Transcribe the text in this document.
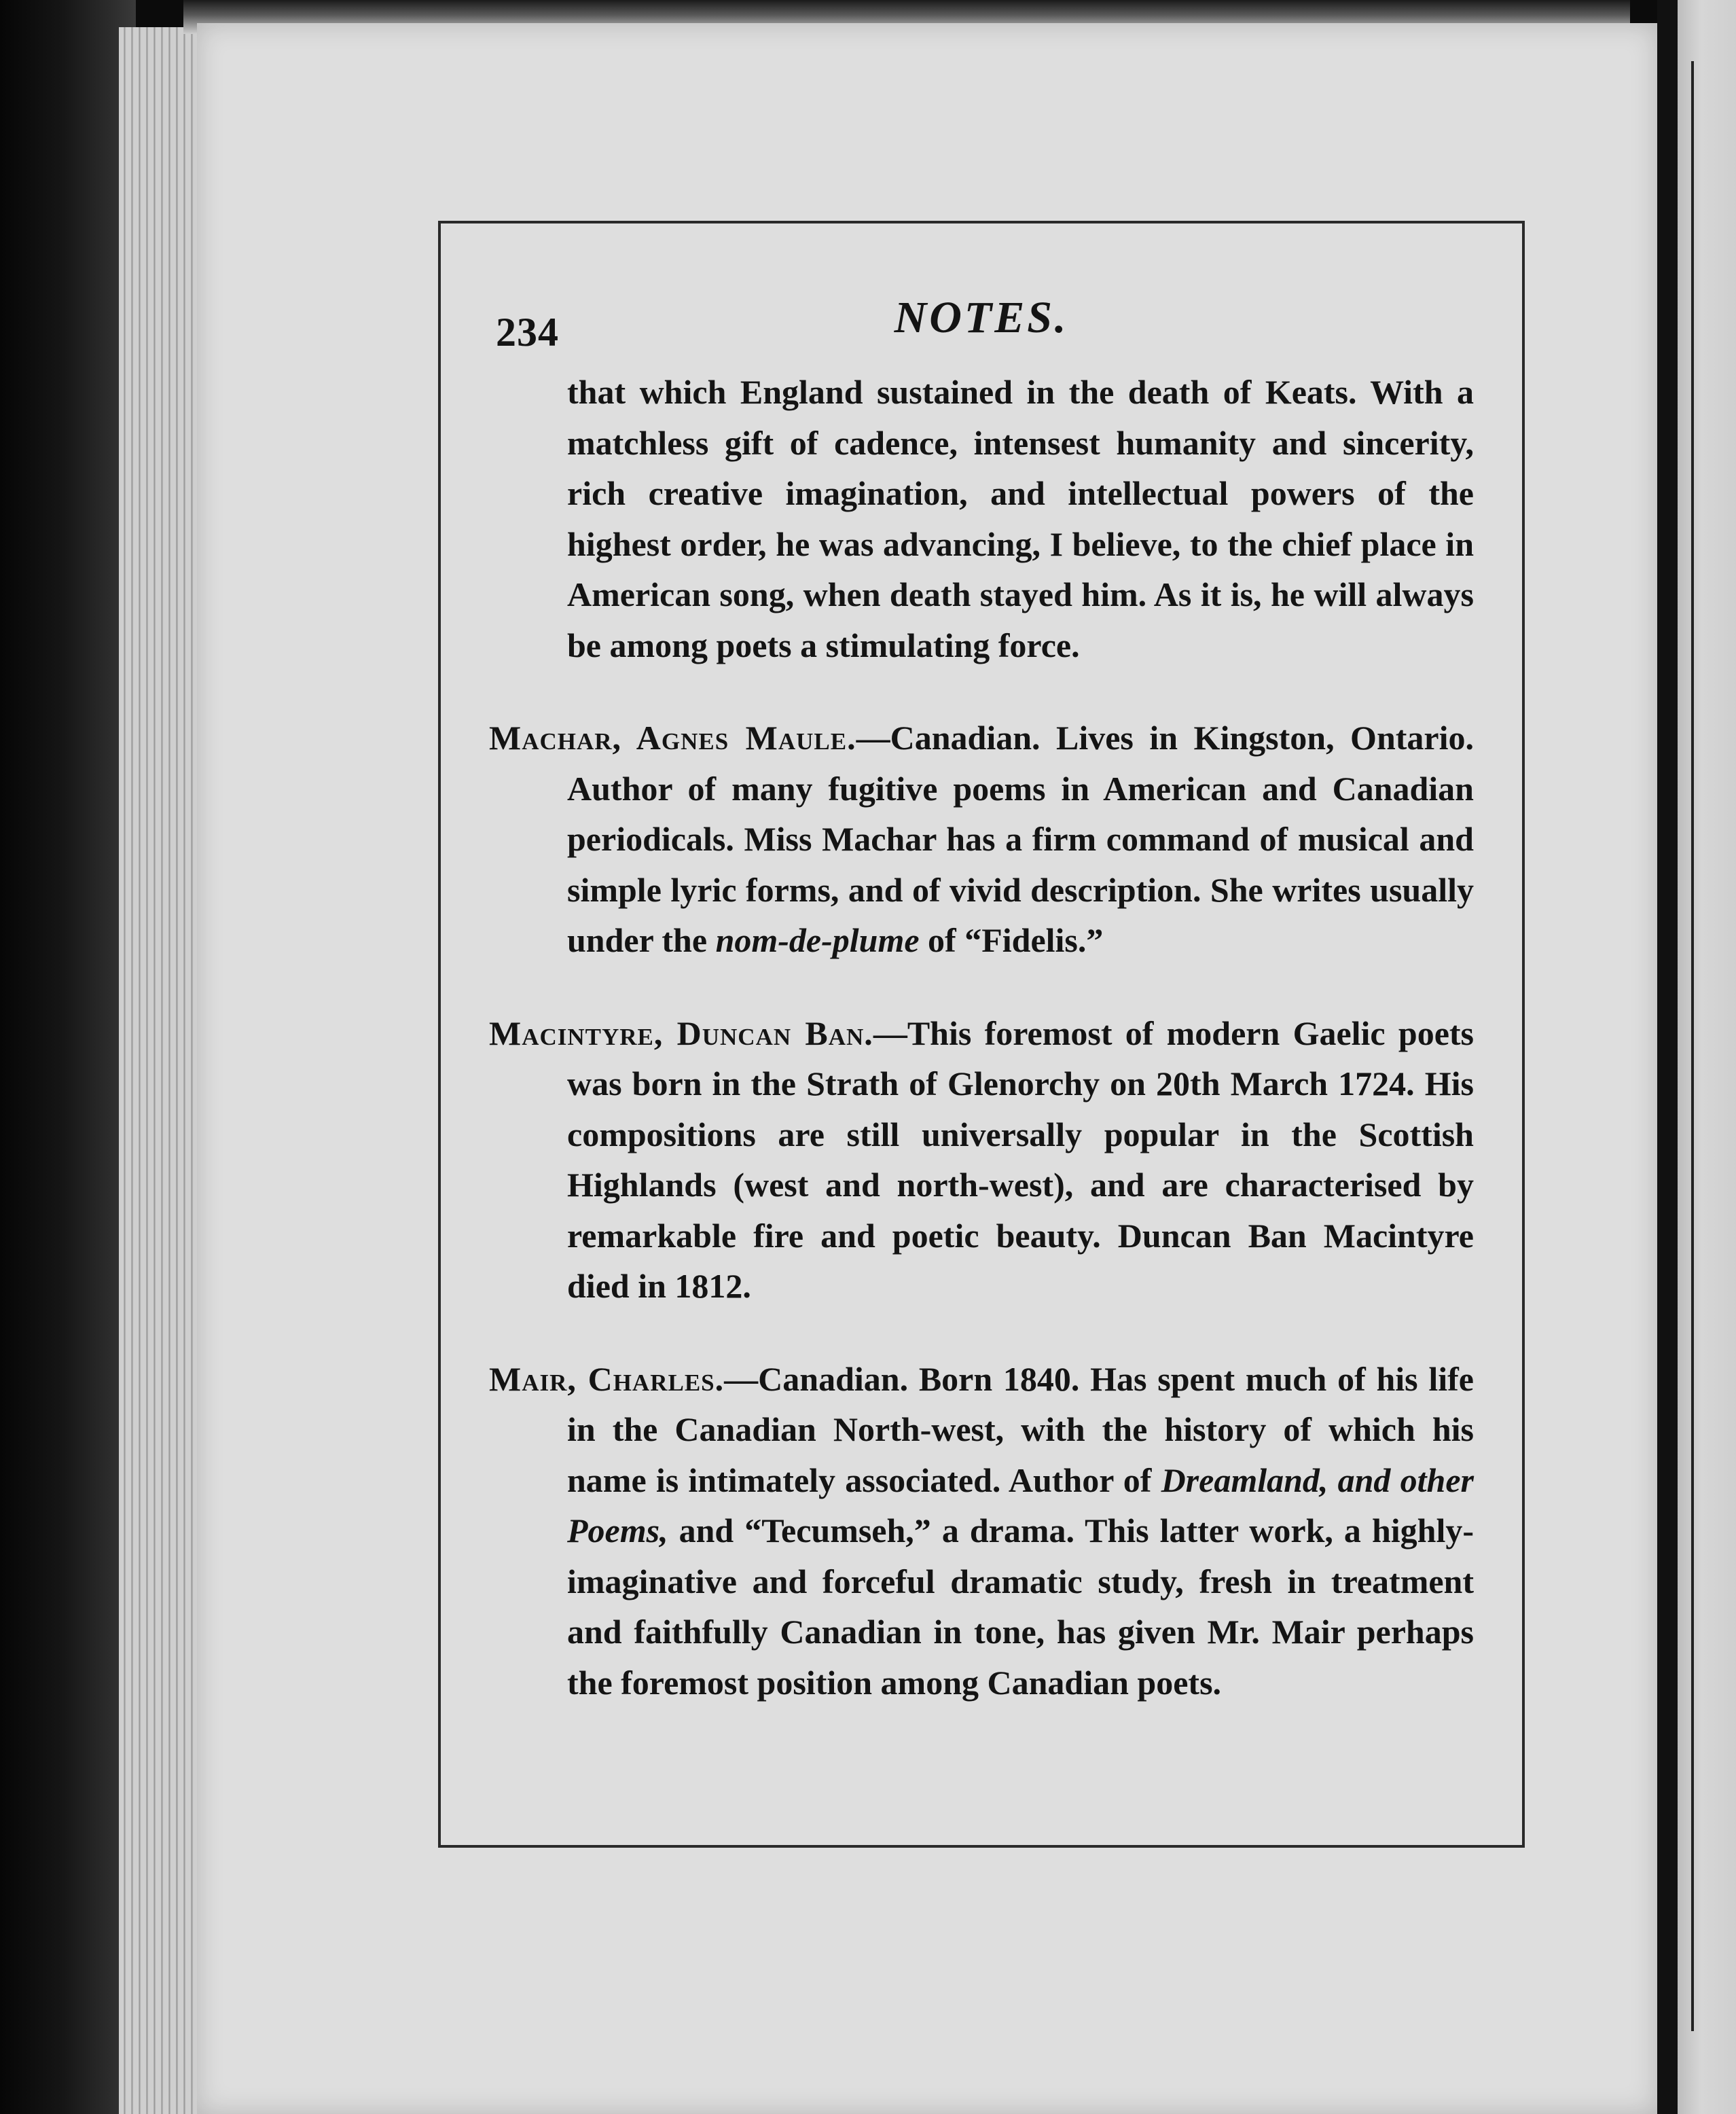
234	NOTES.

that which England sustained in the death of Keats. With a matchless gift of cadence, intensest humanity and sincerity, rich creative imagination, and intellectual powers of the highest order, he was advancing, I believe, to the chief place in American song, when death stayed him. As it is, he will always be among poets a stimulating force.

Machar, Agnes Maule.—Canadian. Lives in Kingston, Ontario. Author of many fugitive poems in American and Canadian periodicals. Miss Machar has a firm command of musical and simple lyric forms, and of vivid description. She writes usually under the nom-de-plume of “Fidelis.”

Macintyre, Duncan Ban.—This foremost of modern Gaelic poets was born in the Strath of Glenorchy on 20th March 1724. His compositions are still universally popular in the Scottish Highlands (west and north-west), and are characterised by remarkable fire and poetic beauty. Duncan Ban Macintyre died in 1812.

Mair, Charles.—Canadian. Born 1840. Has spent much of his life in the Canadian North-west, with the history of which his name is intimately associated. Author of Dreamland, and other Poems, and “Tecumseh,” a drama. This latter work, a highly-imaginative and forceful dramatic study, fresh in treatment and faithfully Canadian in tone, has given Mr. Mair perhaps the foremost position among Canadian poets.
